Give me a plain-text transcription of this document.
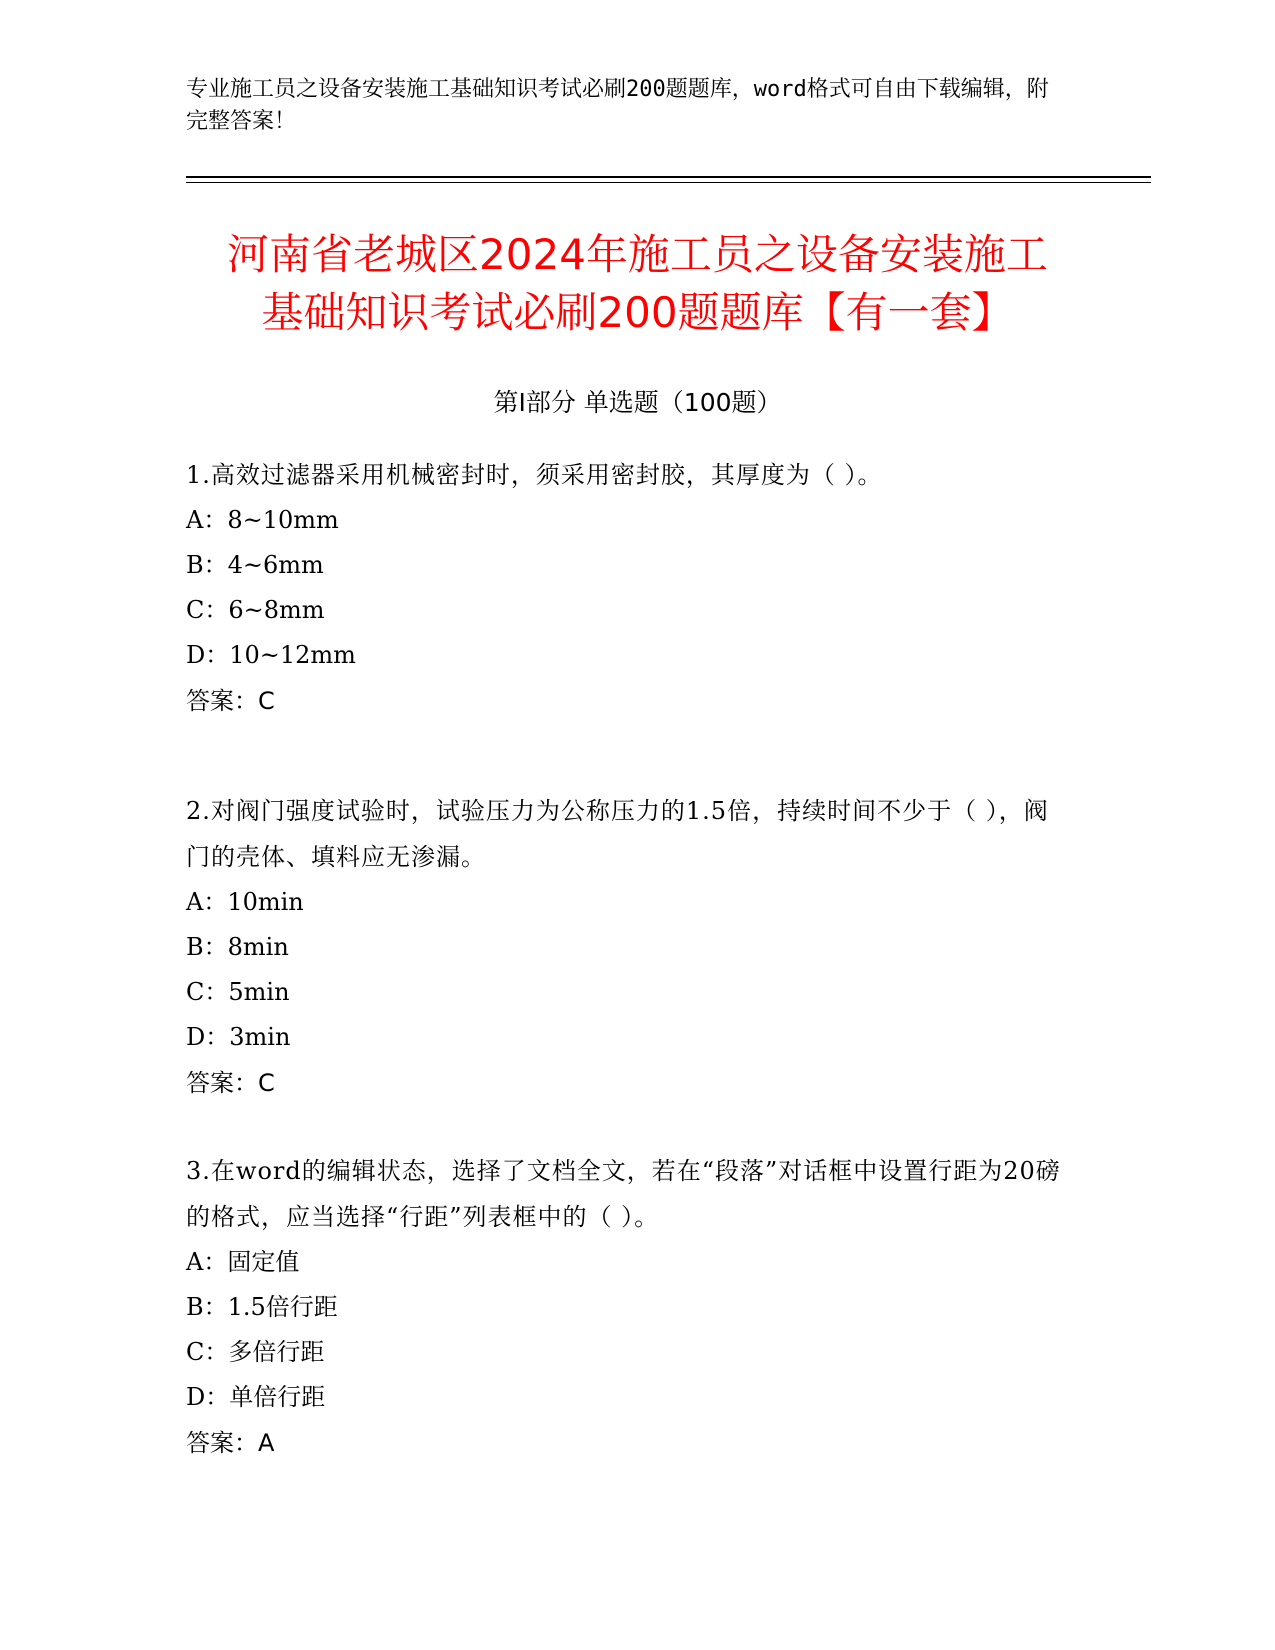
专业施工员之设备安装施工基础知识考试必刷200题题库，word格式可自由下载编辑，附完整答案！
河南省老城区2024年施工员之设备安装施工
基础知识考试必刷200题题库【有一套】
第Ⅰ部分 单选题（100题）
1.高效过滤器采用机械密封时，须采用密封胶，其厚度为（ ）。
A：8~10mm
B：4~6mm
C：6~8mm
D：10~12mm
答案：C
2.对阀门强度试验时，试验压力为公称压力的1.5倍，持续时间不少于（ ），阀门的壳体、填料应无渗漏。
A：10min
B：8min
C：5min
D：3min
答案：C
3.在word的编辑状态，选择了文档全文，若在“段落”对话框中设置行距为20磅的格式，应当选择“行距”列表框中的（ ）。
A：固定值
B：1.5倍行距
C：多倍行距
D：单倍行距
答案：A
